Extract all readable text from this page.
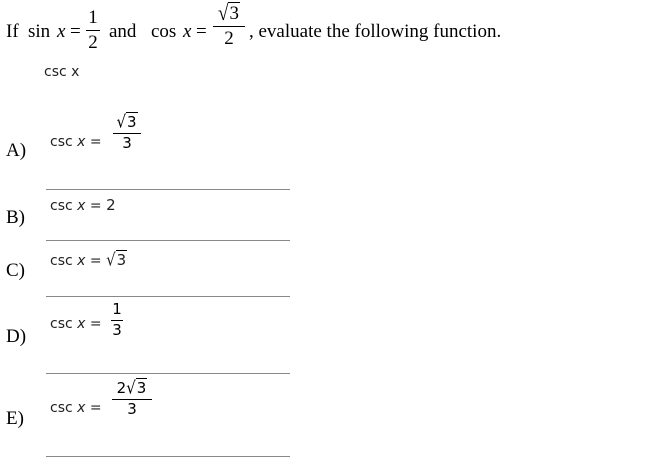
If sin x =
1
2
and cos x =
√3
2 , evaluate the following function.
csc x
A) csc x =
√3
3
B)
csc x = 2
C) csc x = √3
D)
csc x =
1
3
E) csc x =
2√3
3
